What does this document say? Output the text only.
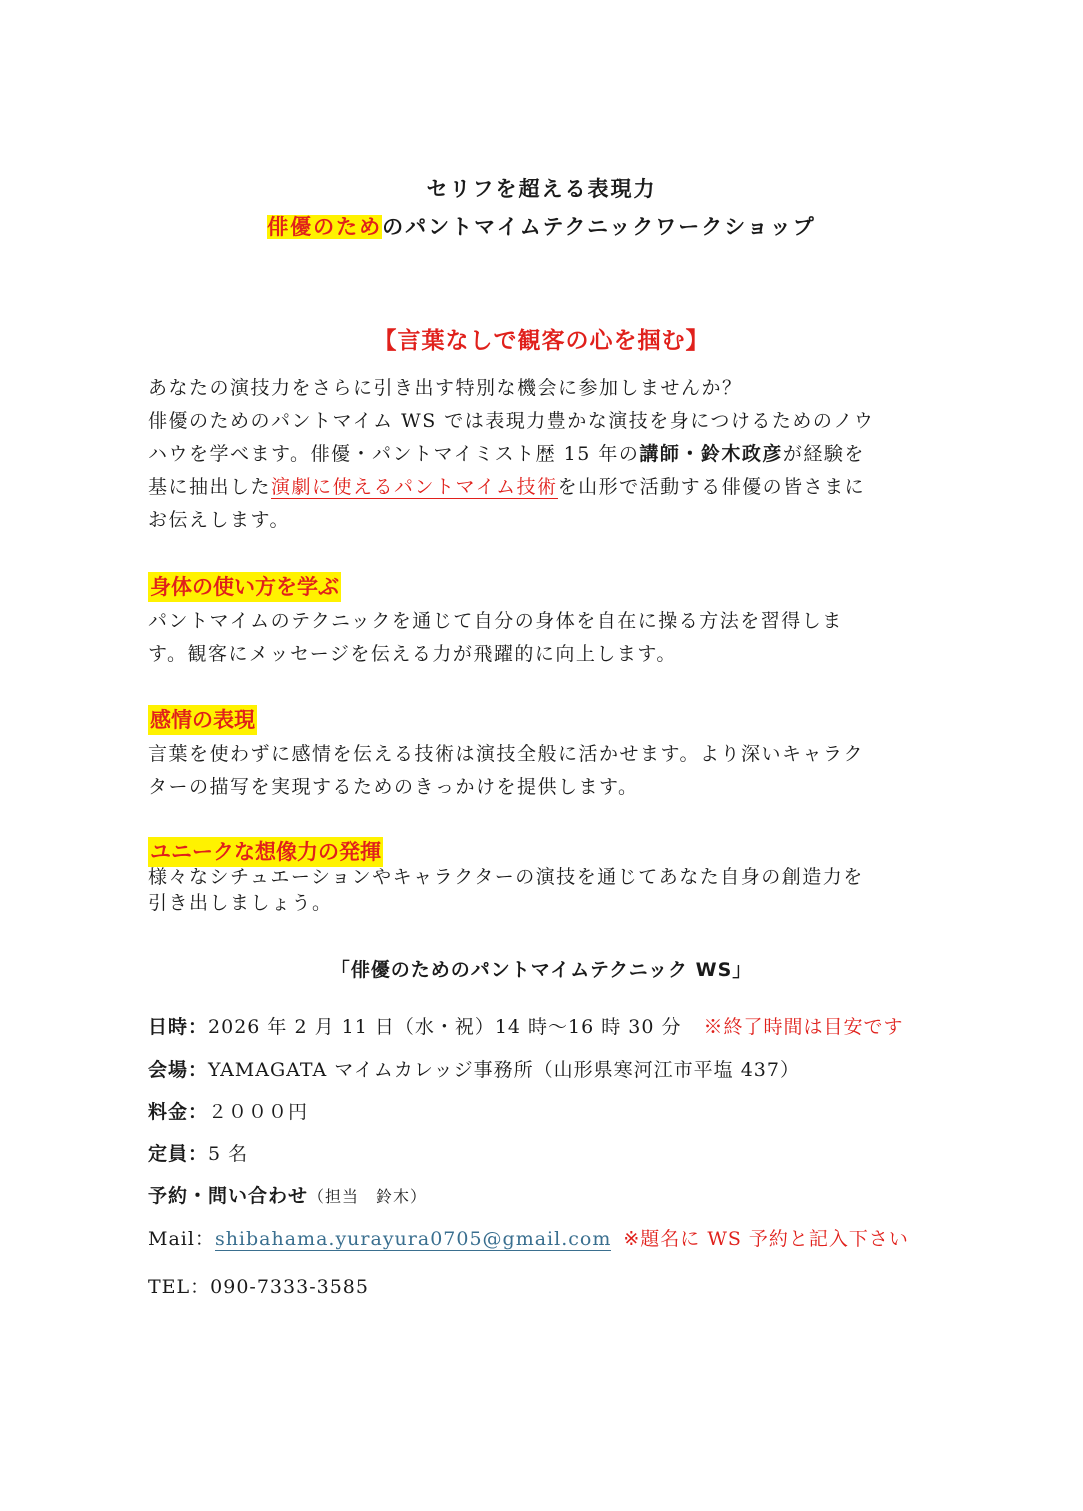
セリフを超える表現力
俳優のためのパントマイムテクニックワークショップ
【言葉なしで観客の心を掴む】
あなたの演技力をさらに引き出す特別な機会に参加しませんか？
俳優のためのパントマイム WS では表現力豊かな演技を身につけるためのノウ
ハウを学べます。俳優・パントマイミスト歴 15 年の講師・鈴木政彦が経験を
基に抽出した演劇に使えるパントマイム技術を山形で活動する俳優の皆さまに
お伝えします。
身体の使い方を学ぶ
パントマイムのテクニックを通じて自分の身体を自在に操る方法を習得しま
す。観客にメッセージを伝える力が飛躍的に向上します。
感情の表現
言葉を使わずに感情を伝える技術は演技全般に活かせます。より深いキャラク
ターの描写を実現するためのきっかけを提供します。
ユニークな想像力の発揮
様々なシチュエーションやキャラクターの演技を通じてあなた自身の創造力を
引き出しましょう。
「俳優のためのパントマイムテクニック WS」
日時：2026 年 2 月 11 日（水・祝）14 時〜16 時 30 分 ※終了時間は目安です
会場：YAMAGATA マイムカレッジ事務所（山形県寒河江市平塩 437）
料金：２０００円
定員：5 名
予約・問い合わせ（担当　鈴木）
Mail：shibahama.yurayura0705@gmail.com ※題名に WS 予約と記入下さい
TEL：090-7333-3585
